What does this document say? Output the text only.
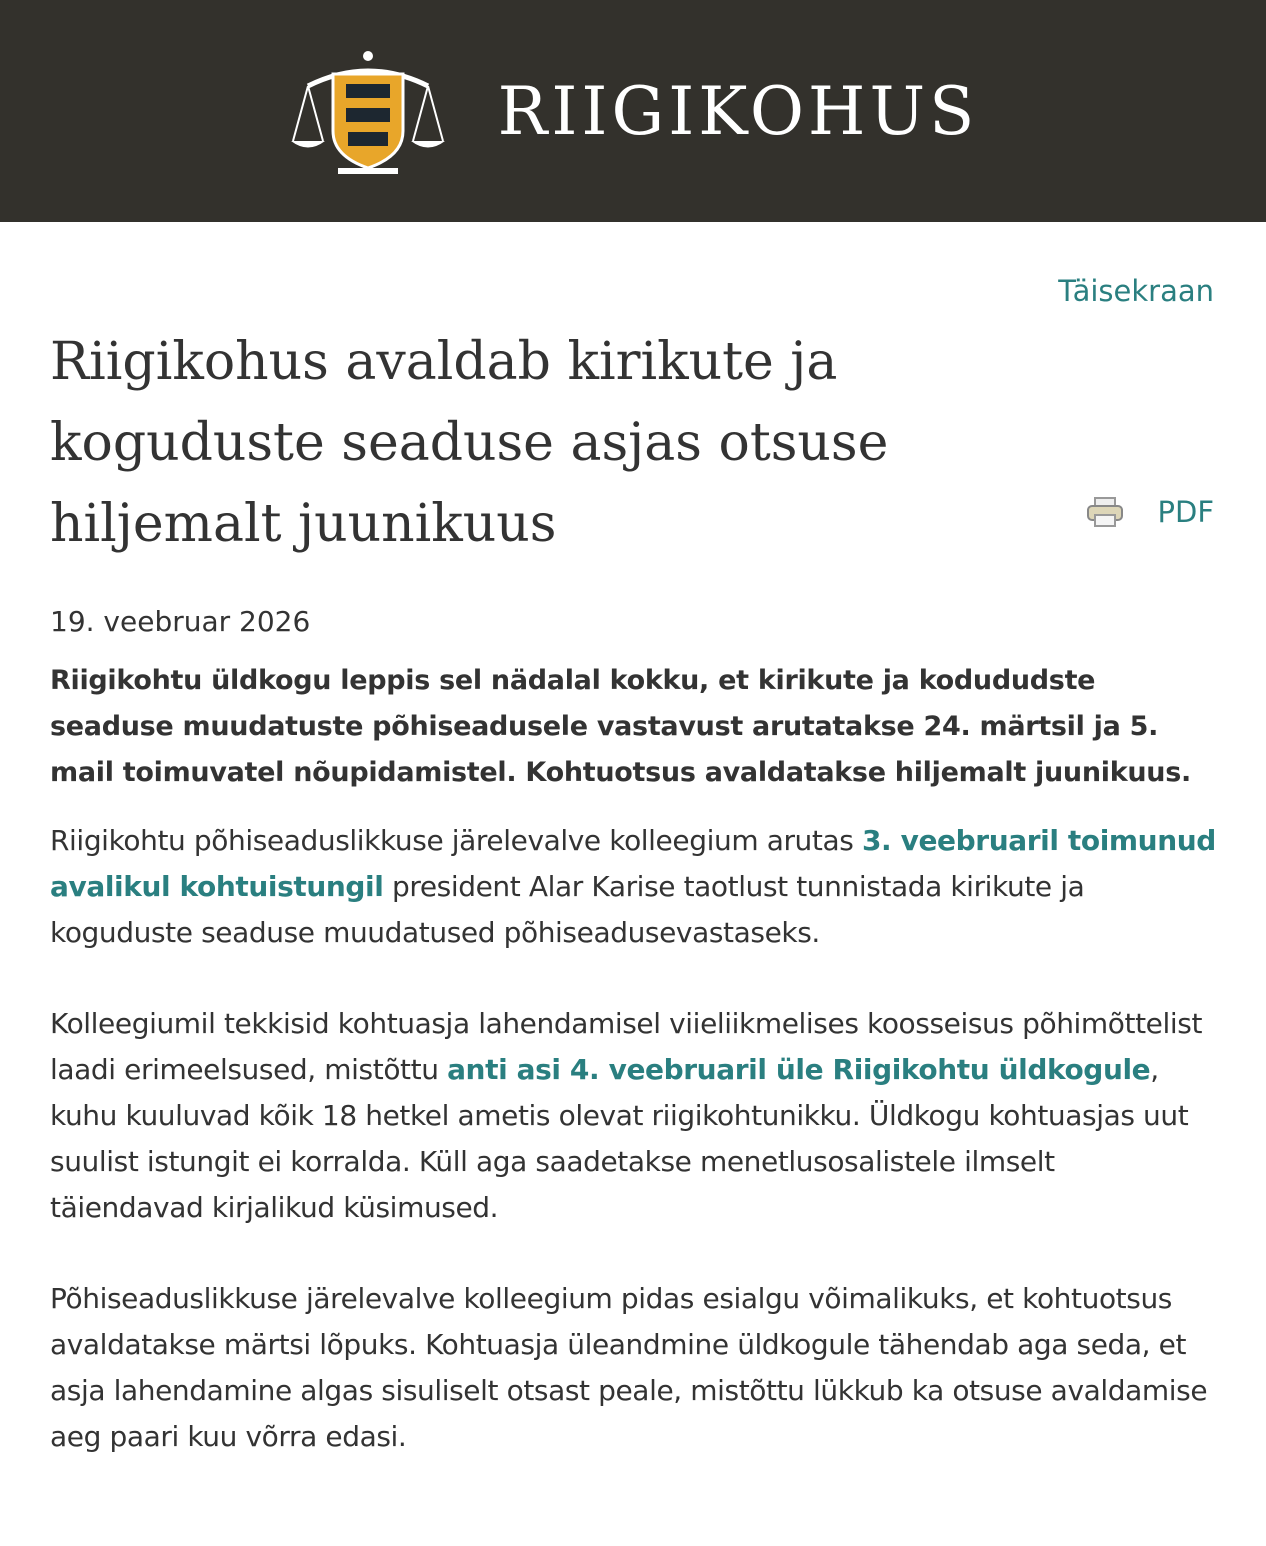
RIIGIKOHUS
Täisekraan
Riigikohus avaldab kirikute ja koguduste seaduse asjas otsuse hiljemalt juunikuus	PDF
19. veebruar 2026
Riigikohtu üldkogu leppis sel nädalal kokku, et kirikute ja kodududste seaduse muudatuste põhiseadusele vastavust arutatakse 24. märtsil ja 5. mail toimuvatel nõupidamistel. Kohtuotsus avaldatakse hiljemalt juunikuus.

Riigikohtu põhiseaduslikkuse järelevalve kolleegium arutas 3. veebruaril toimunud avalikul kohtuistungil president Alar Karise taotlust tunnistada kirikute ja koguduste seaduse muudatused põhiseadusevastaseks.

Kolleegiumil tekkisid kohtuasja lahendamisel viieliikmelises koosseisus põhimõttelist laadi erimeelsused, mistõttu anti asi 4. veebruaril üle Riigikohtu üldkogule, kuhu kuuluvad kõik 18 hetkel ametis olevat riigikohtunikku. Üldkogu kohtuasjas uut suulist istungit ei korralda. Küll aga saadetakse menetlusosalistele ilmselt täiendavad kirjalikud küsimused.

Põhiseaduslikkuse järelevalve kolleegium pidas esialgu võimalikuks, et kohtuotsus avaldatakse märtsi lõpuks. Kohtuasja üleandmine üldkogule tähendab aga seda, et asja lahendamine algas sisuliselt otsast peale, mistõttu lükkub ka otsuse avaldamise aeg paari kuu võrra edasi.
